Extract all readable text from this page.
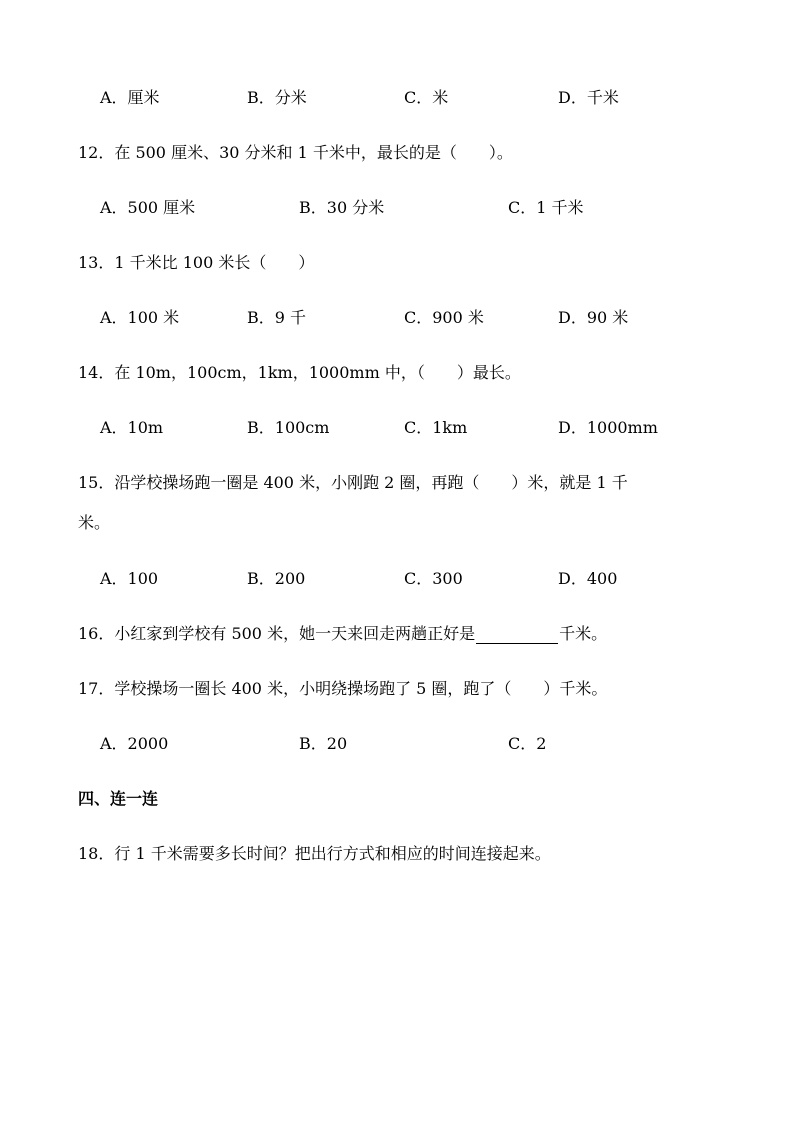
A．厘米	B．分米	C．米	D．千米
12．在 500 厘米、30 分米和 1 千米中，最长的是（　　）。
A．500 厘米	B．30 分米	C．1 千米
13．1 千米比 100 米长（　　）
A．100 米	B．9 千	C．900 米	D．90 米
14．在 10m，100cm，1km，1000mm 中，（　　）最长。
A．10m	B．100cm	C．1km	D．1000mm
15．沿学校操场跑一圈是 400 米，小刚跑 2 圈，再跑（　　）米，就是 1 千
米。
A．100	B．200	C．300	D．400
16．小红家到学校有 500 米，她一天来回走两趟正好是	千米。
17．学校操场一圈长 400 米，小明绕操场跑了 5 圈，跑了（　　）千米。
A．2000	B．20	C．2
四、连一连
18．行 1 千米需要多长时间？把出行方式和相应的时间连接起来。
